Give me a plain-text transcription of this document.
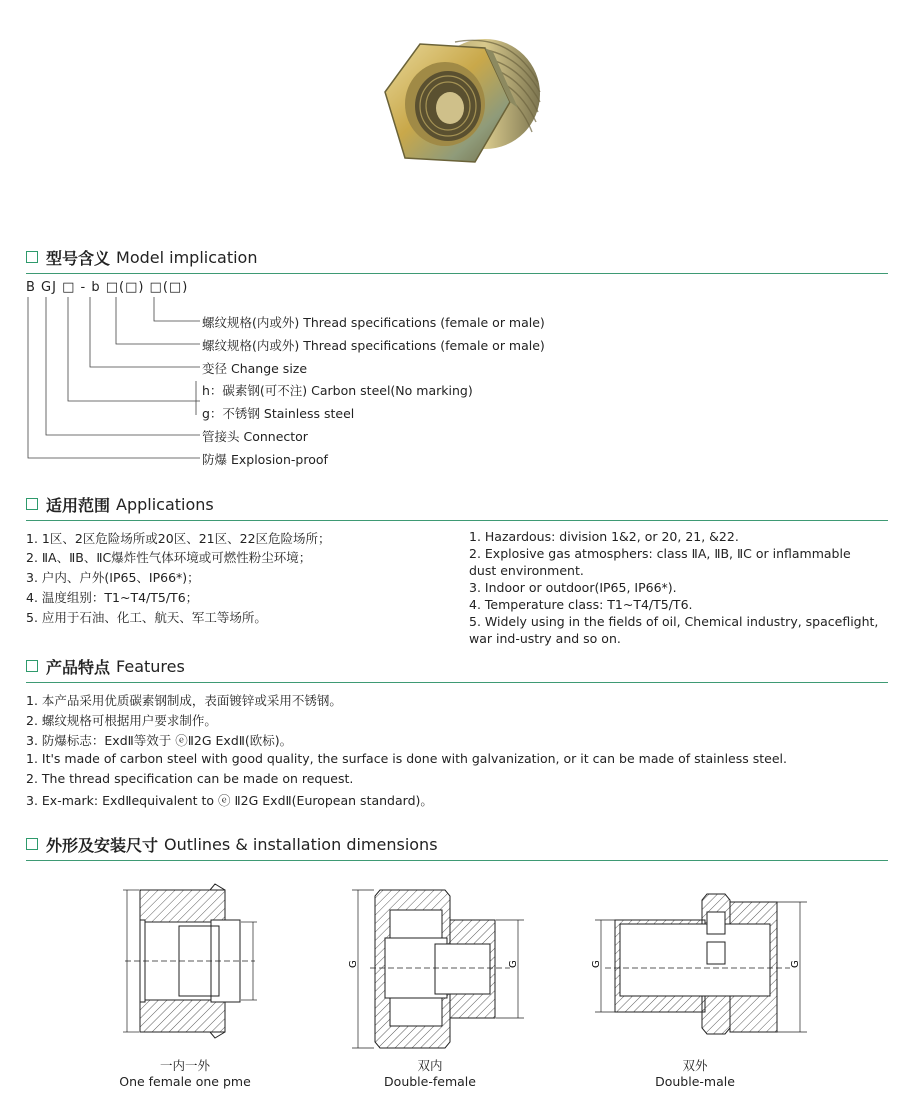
型号含义 Model implication
B GJ □ - b □(□) □(□)
螺纹规格(内或外) Thread specifications (female or male)
螺纹规格(内或外) Thread specifications (female or male)
变径 Change size
h：碳素钢(可不注) Carbon steel(No marking)
g：不锈钢 Stainless steel
管接头 Connector
防爆 Explosion-proof
适用范围 Applications
1. 1区、2区危险场所或20区、21区、22区危险场所；
2. ⅡA、ⅡB、ⅡC爆炸性气体环境或可燃性粉尘环境；
3. 户内、户外(IP65、IP66*)；
4. 温度组别：T1~T4/T5/T6；
5. 应用于石油、化工、航天、军工等场所。
1. Hazardous: division 1&2, or 20, 21, &22.
2. Explosive gas atmosphers: class ⅡA, ⅡB, ⅡC or inflammable
dust environment.
3. Indoor or outdoor(IP65, IP66*).
4. Temperature class: T1~T4/T5/T6.
5. Widely using in the fields of oil, Chemical industry, spaceflight,
war ind-ustry and so on.
产品特点 Features
1. 本产品采用优质碳素钢制成，表面镀锌或采用不锈钢。
2. 螺纹规格可根据用户要求制作。
3. 防爆标志：ExdⅡ等效于 ⓔⅡ2G ExdⅡ(欧标)。
1. It's made of carbon steel with good quality, the surface is done with galvanization, or it can be made of stainless steel.
2. The thread specification can be made on request.
3. Ex-mark: ExdⅡequivalent to ⓔ Ⅱ2G ExdⅡ(European standard)。
外形及安装尺寸 Outlines & installation dimensions
一内一外
One female one pme
G	G
双内
Double-female
G	G
双外
Double-male
